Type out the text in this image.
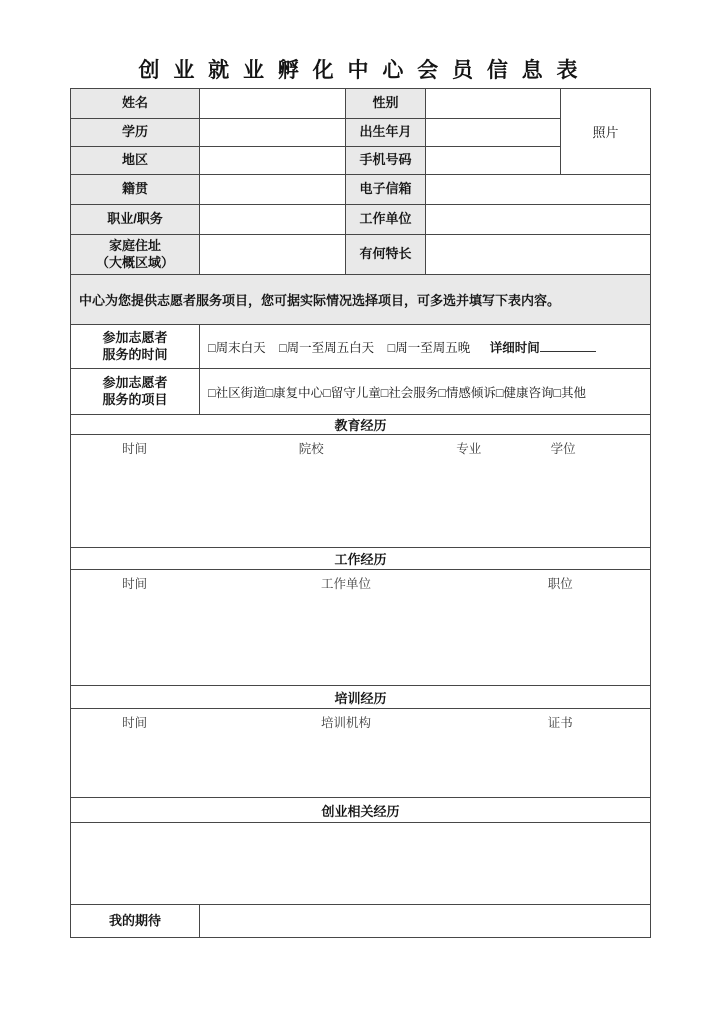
创 业 就 业 孵 化 中 心 会 员 信 息 表
姓名		性别		照片
学历		出生年月		
地区		手机号码		
籍贯		电子信箱		
职业/职务		工作单位		

家庭住址
（大概区域）		有何特长		
中心为您提供志愿者服务项目，您可据实际情况选择项目，可多选并填写下表内容。				

参加志愿者
服务的时间	□周末白天 □周一至周五白天 □周一至周五晚 详细时间			

参加志愿者
服务的项目	□社区街道□康复中心□留守儿童□社会服务□情感倾诉□健康咨询□其他			
教育经历				

时间 院校 专业 学位				

工作经历				

时间 工作单位 职位				

培训经历				

时间 培训机构 证书				

创业相关经历				

我的期待				
